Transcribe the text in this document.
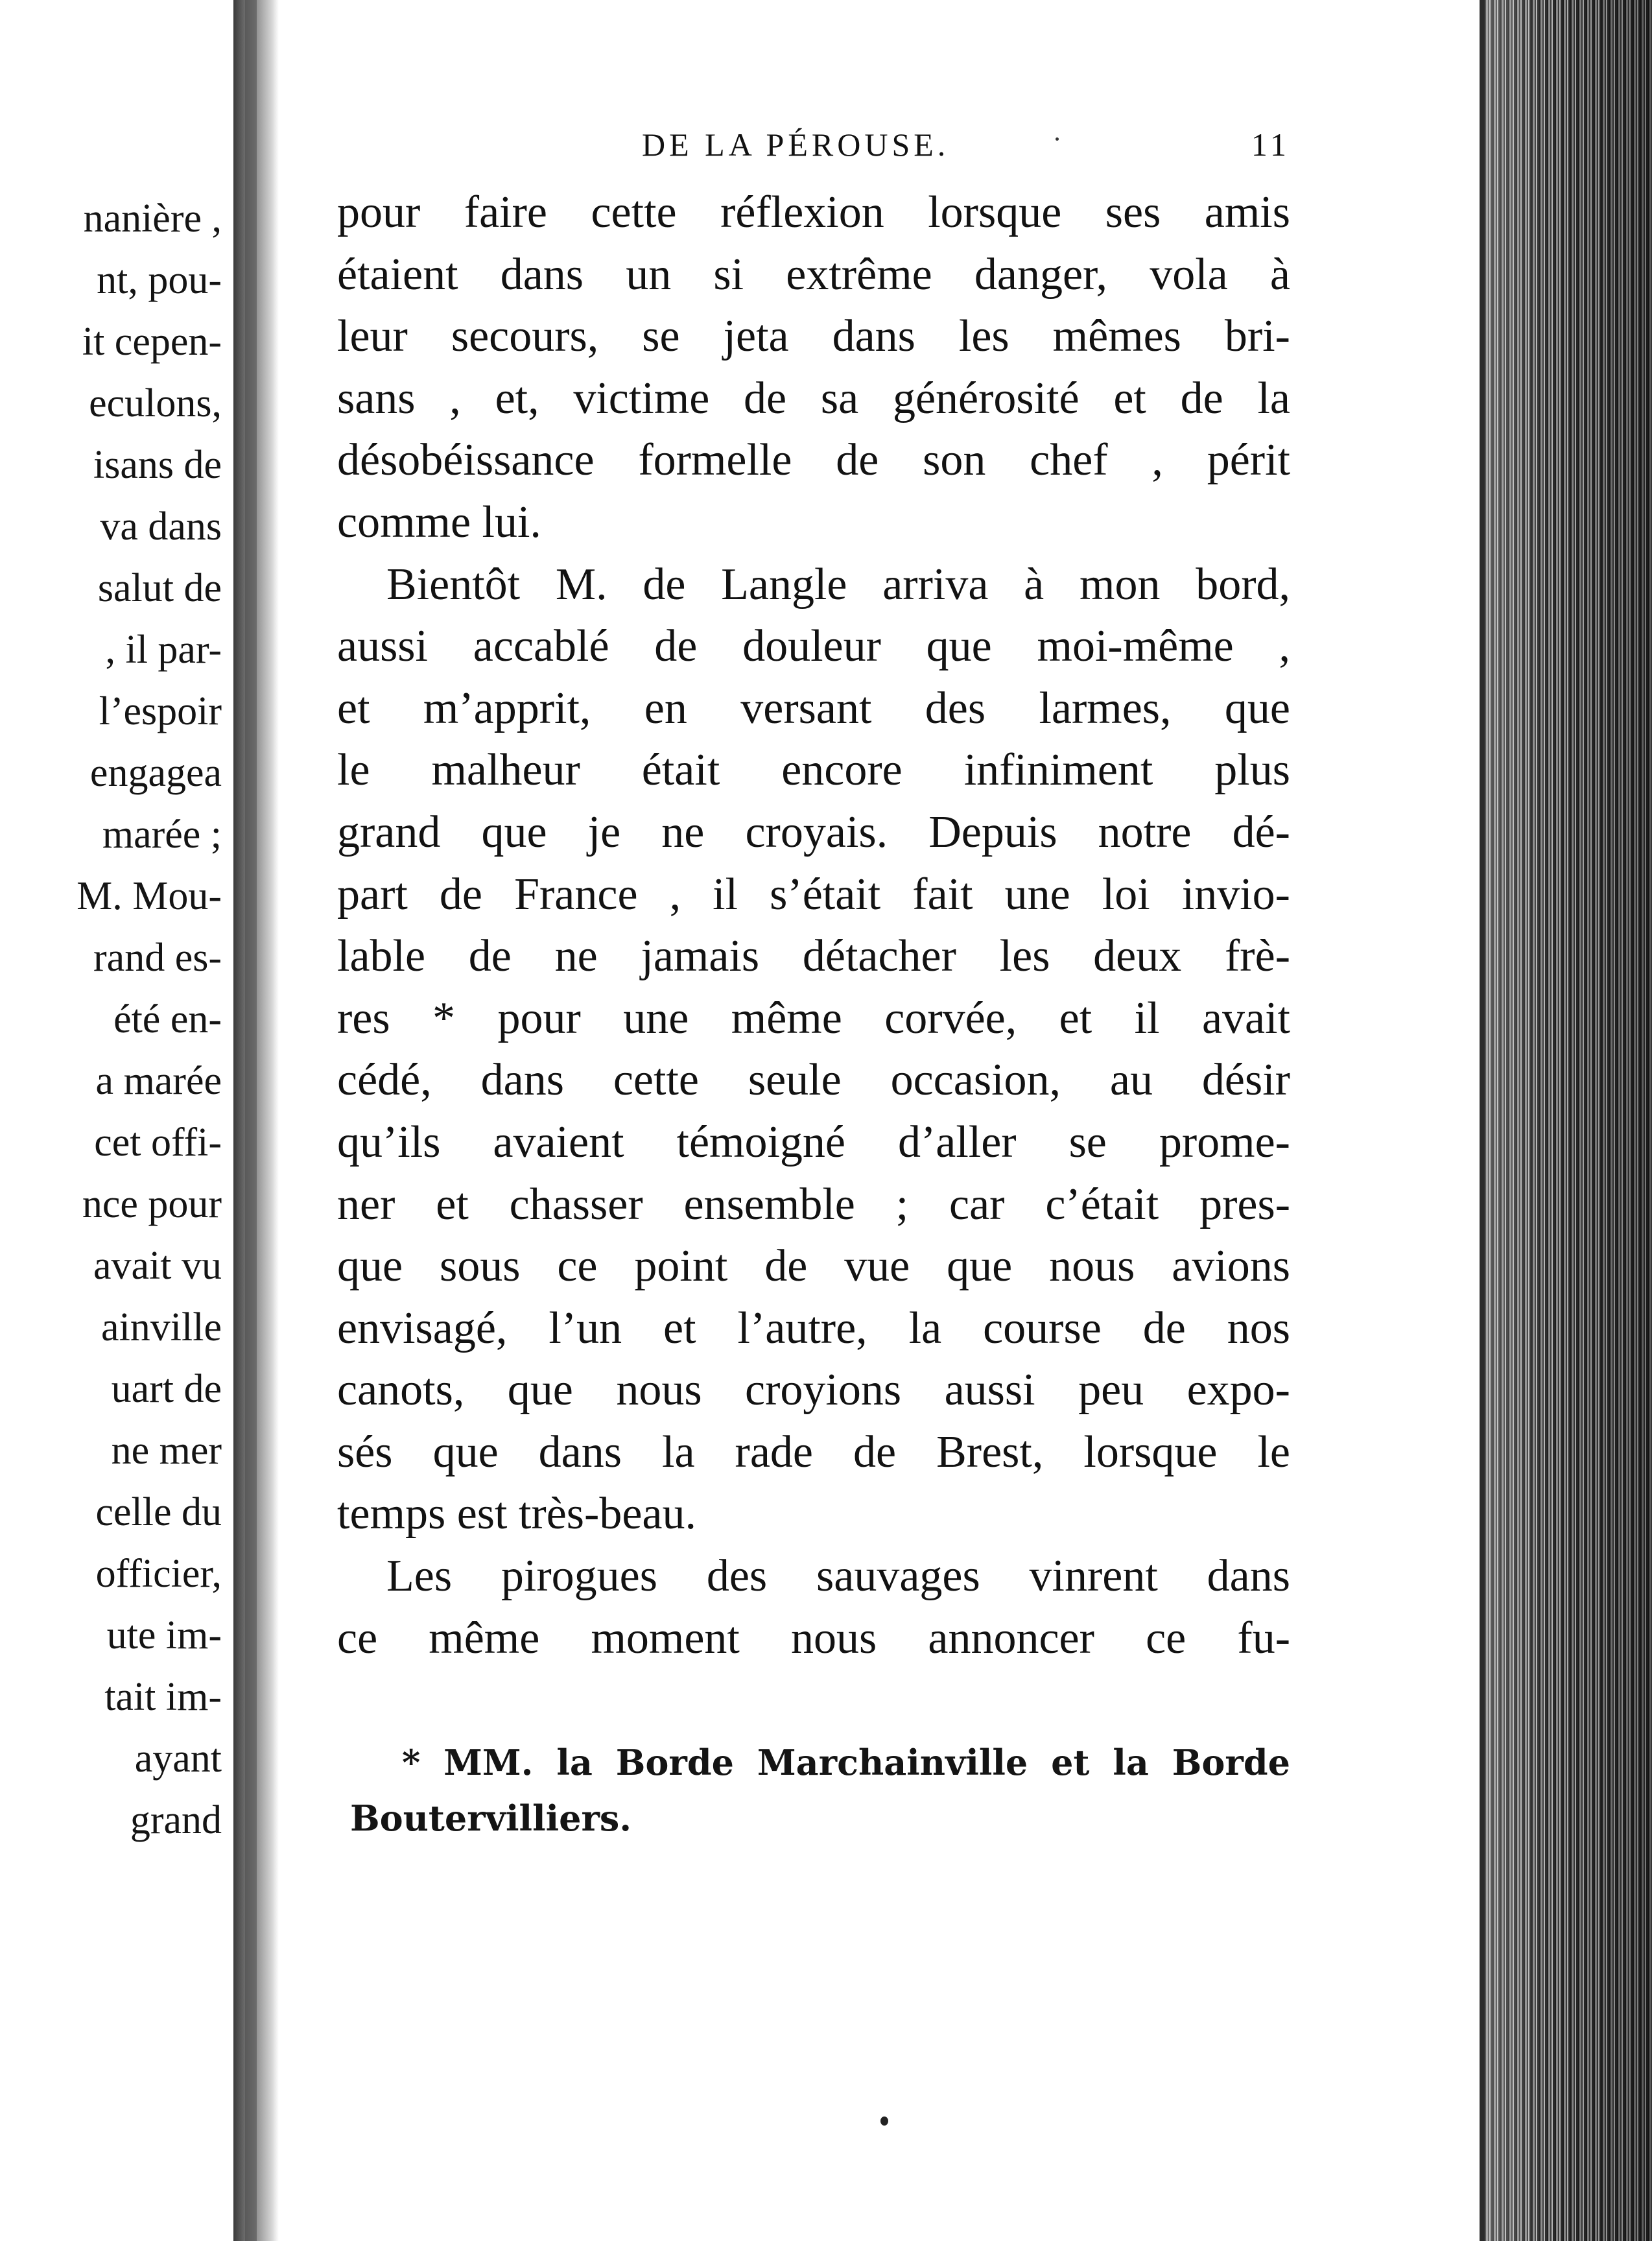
nanière ,
nt, pou-
it cepen-
eculons,
isans de
va dans
salut de
, il par-
l’espoir
engagea
marée ;
M. Mou-
rand es-
été en-
a marée
cet offi-
nce pour
avait vu
ainville
uart de
ne mer
celle du
officier,
ute im-
tait im-
ayant
grand
DE LA PÉROUSE.	11
pour faire cette réflexion lorsque ses amis
étaient dans un si extrême danger, vola à
leur secours, se jeta dans les mêmes bri-
sans , et, victime de sa générosité et de la
désobéissance formelle de son chef , périt
comme lui.
Bientôt M. de Langle arriva à mon bord,
aussi accablé de douleur que moi-même ,
et m’apprit, en versant des larmes, que
le malheur était encore infiniment plus
grand que je ne croyais. Depuis notre dé-
part de France , il s’était fait une loi invio-
lable de ne jamais détacher les deux frè-
res * pour une même corvée, et il avait
cédé, dans cette seule occasion, au désir
qu’ils avaient témoigné d’aller se prome-
ner et chasser ensemble ; car c’était pres-
que sous ce point de vue que nous avions
envisagé, l’un et l’autre, la course de nos
canots, que nous croyions aussi peu expo-
sés que dans la rade de Brest, lorsque le
temps est très-beau.
Les pirogues des sauvages vinrent dans
ce même moment nous annoncer ce fu-
* MM. la Borde Marchainville et la Borde
Boutervilliers.
